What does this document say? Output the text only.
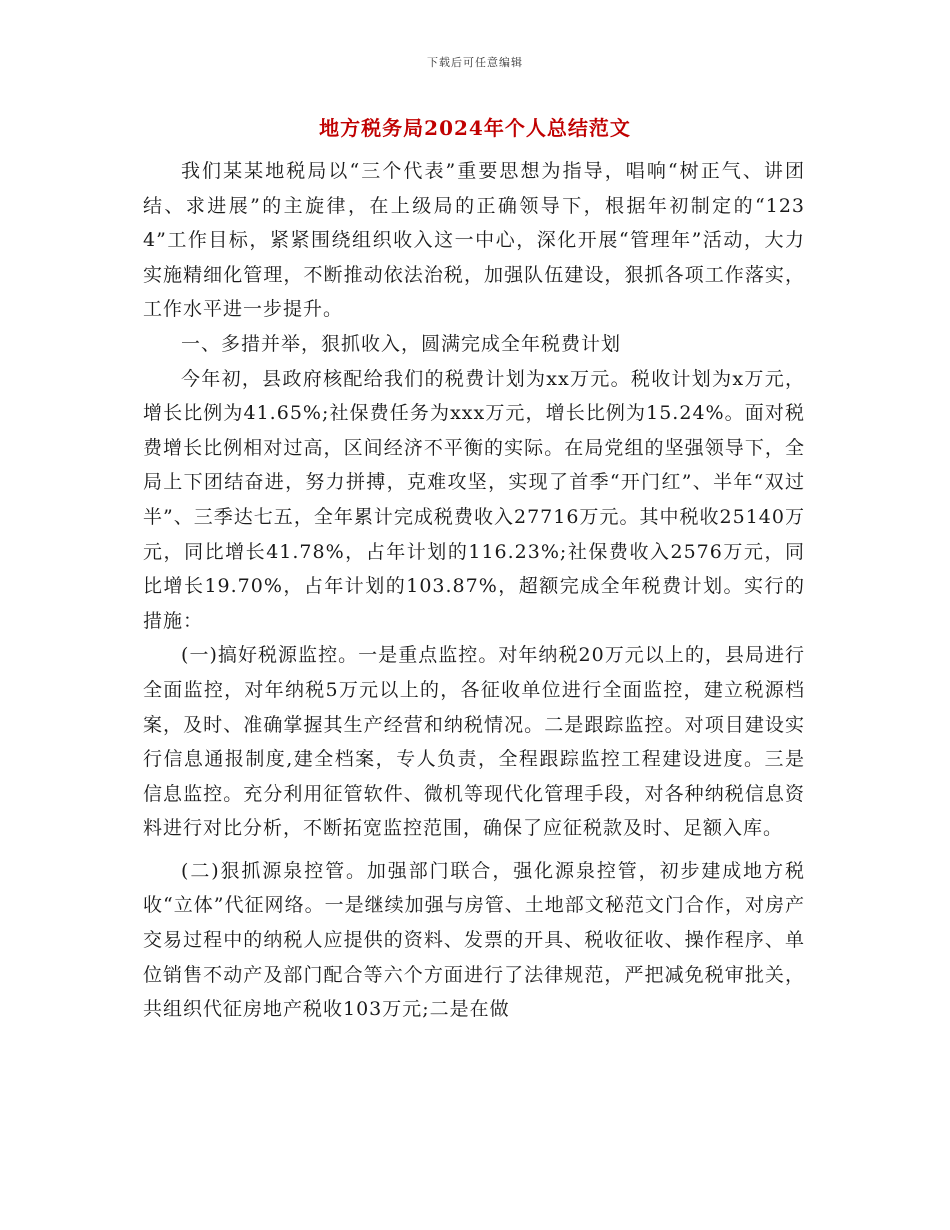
下载后可任意编辑
地方税务局2024年个人总结范文

我们某某地税局以“三个代表”重要思想为指导，唱响“树正气、讲团结、求进展”的主旋律，在上级局的正确领导下，根据年初制定的“1234”工作目标，紧紧围绕组织收入这一中心，深化开展“管理年”活动，大力实施精细化管理，不断推动依法治税，加强队伍建设，狠抓各项工作落实，工作水平进一步提升。

一、多措并举，狠抓收入，圆满完成全年税费计划

今年初，县政府核配给我们的税费计划为xx万元。税收计划为x万元，增长比例为41.65%;社保费任务为xxx万元，增长比例为15.24%。面对税费增长比例相对过高，区间经济不平衡的实际。在局党组的坚强领导下，全局上下团结奋进，努力拼搏，克难攻坚，实现了首季“开门红”、半年“双过半”、三季达七五，全年累计完成税费收入27716万元。其中税收25140万元，同比增长41.78%，占年计划的116.23%;社保费收入2576万元，同比增长19.70%，占年计划的103.87%，超额完成全年税费计划。实行的措施：

(一)搞好税源监控。一是重点监控。对年纳税20万元以上的，县局进行全面监控，对年纳税5万元以上的，各征收单位进行全面监控，建立税源档案，及时、准确掌握其生产经营和纳税情况。二是跟踪监控。对项目建设实行信息通报制度,建全档案，专人负责，全程跟踪监控工程建设进度。三是信息监控。充分利用征管软件、微机等现代化管理手段，对各种纳税信息资料进行对比分析，不断拓宽监控范围，确保了应征税款及时、足额入库。

(二)狠抓源泉控管。加强部门联合，强化源泉控管，初步建成地方税收“立体”代征网络。一是继续加强与房管、土地部文秘范文门合作，对房产交易过程中的纳税人应提供的资料、发票的开具、税收征收、操作程序、单位销售不动产及部门配合等六个方面进行了法律规范，严把减免税审批关，共组织代征房地产税收103万元;二是在做
